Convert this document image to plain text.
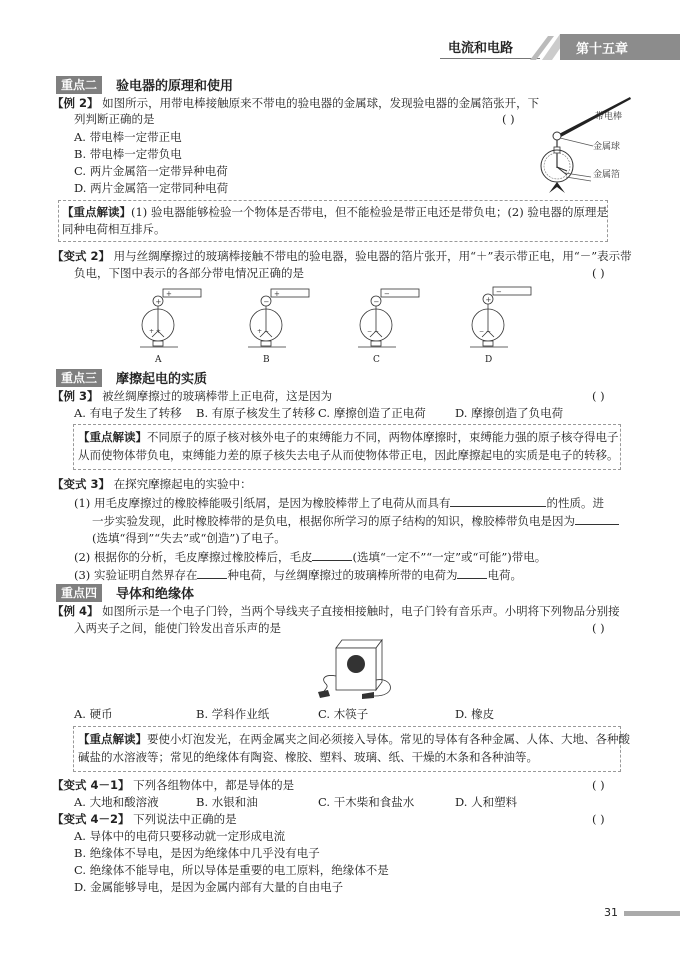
电流和电路	第十五章
重点二	验电器的原理和使用
【例 2】 如图所示，用带电棒接触原来不带电的验电器的金属球，发现验电器的金属箔张开，下
列判断正确的是	( )
A. 带电棒一定带正电
B. 带电棒一定带负电
C. 两片金属箔一定带异种电荷
D. 两片金属箔一定带同种电荷
带电棒
金属球
金属箔
【重点解读】(1) 验电器能够检验一个物体是否带电，但不能检验是带正电还是带负电；(2) 验电器的原理是
同种电荷相互排斥。
【变式 2】 用与丝绸摩擦过的玻璃棒接触不带电的验电器，验电器的箔片张开，用“＋”表示带正电，用“－”表示带
负电，下图中表示的各部分带电情况正确的是	( )
+
+
+ +
A
+
−
+ −
B
−
−
− −
C
−
+
− −
D
重点三	摩擦起电的实质
【例 3】 被丝绸摩擦过的玻璃棒带上正电荷，这是因为	( )
A. 有电子发生了转移 B. 有原子核发生了转移 C. 摩擦创造了正电荷	D. 摩擦创造了负电荷
【重点解读】不同原子的原子核对核外电子的束缚能力不同，两物体摩擦时，束缚能力强的原子核夺得电子
从而使物体带负电，束缚能力差的原子核失去电子从而使物体带正电，因此摩擦起电的实质是电子的转移。
【变式 3】 在探究摩擦起电的实验中：
(1) 用毛皮摩擦过的橡胶棒能吸引纸屑，是因为橡胶棒带上了电荷从而具有	的性质。进
一步实验发现，此时橡胶棒带的是负电，根据你所学习的原子结构的知识，橡胶棒带负电是因为
(选填“得到”“失去”或“创造”)了电子。
(2) 根据你的分析，毛皮摩擦过橡胶棒后，毛皮	(选填“一定不”“一定”或“可能”)带电。
(3) 实验证明自然界存在	种电荷，与丝绸摩擦过的玻璃棒所带的电荷为	电荷。
重点四	导体和绝缘体
【例 4】 如图所示是一个电子门铃，当两个导线夹子直接相接触时，电子门铃有音乐声。小明将下列物品分别接
入两夹子之间，能使门铃发出音乐声的是	( )
A. 硬币	B. 学科作业纸	C. 木筷子	D. 橡皮
【重点解读】要使小灯泡发光，在两金属夹之间必须接入导体。常见的导体有各种金属、人体、大地、各种酸
碱盐的水溶液等；常见的绝缘体有陶瓷、橡胶、塑料、玻璃、纸、干燥的木条和各种油等。
【变式 4－1】 下列各组物体中，都是导体的是	( )
A. 大地和酸溶液	B. 水银和油	C. 干木柴和食盐水	D. 人和塑料
【变式 4－2】 下列说法中正确的是	( )
A. 导体中的电荷只要移动就一定形成电流
B. 绝缘体不导电，是因为绝缘体中几乎没有电子
C. 绝缘体不能导电，所以导体是重要的电工原料，绝缘体不是
D. 金属能够导电，是因为金属内部有大量的自由电子
31
